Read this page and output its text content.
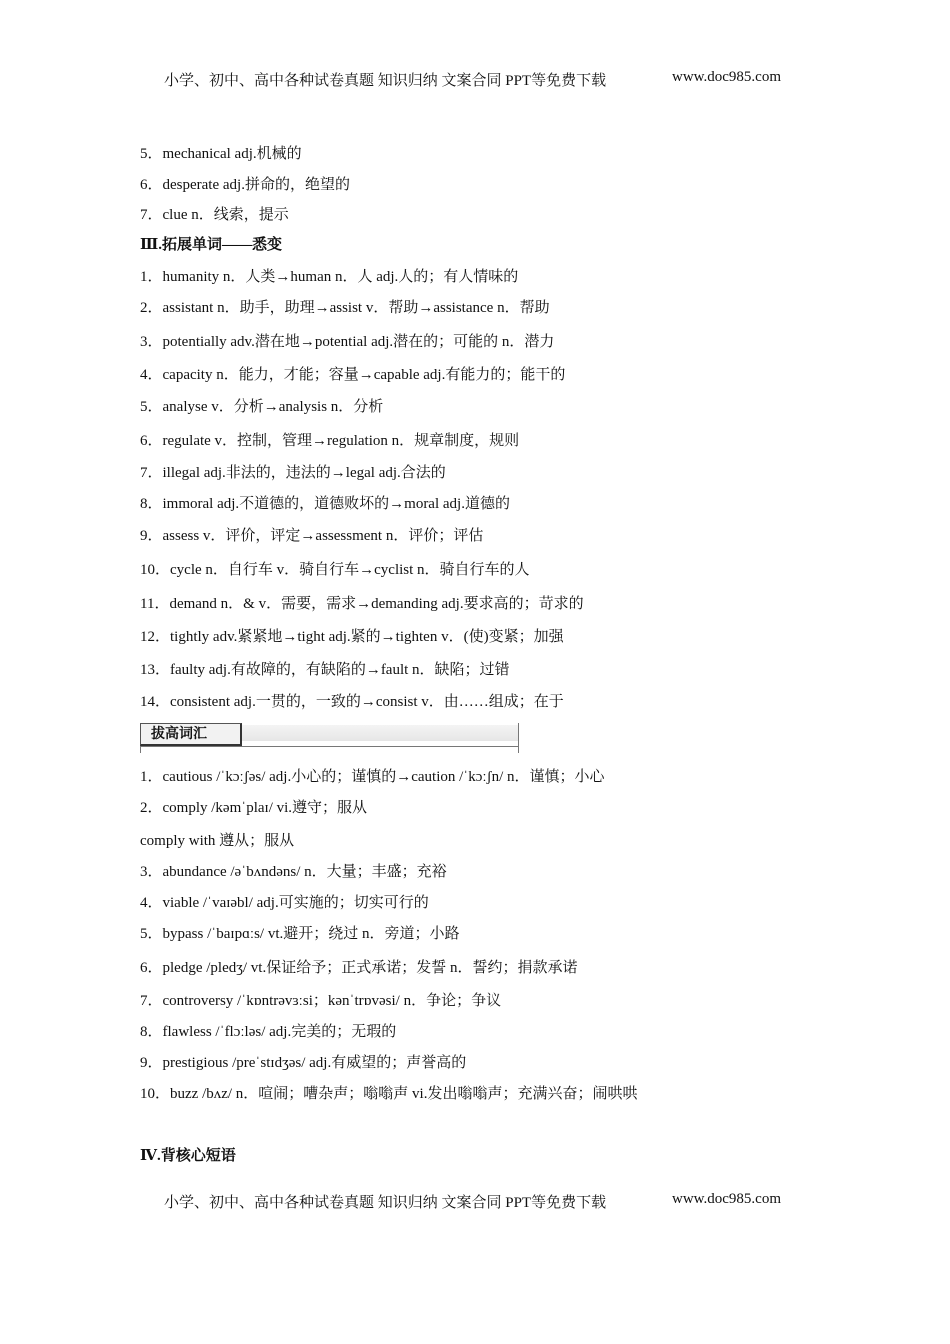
小学、初中、高中各种试卷真题 知识归纳 文案合同 PPT等免费下载	www.doc985.com
5．mechanical adj.机械的
6．desperate adj.拼命的，绝望的
7．clue n．线索，提示
Ⅲ.拓展单词——悉变
1．humanity n．人类→human n．人 adj.人的；有人情味的
2．assistant n．助手，助理→assist v．帮助→assistance n．帮助
3．potentially adv.潜在地→potential adj.潜在的；可能的 n．潜力
4．capacity n．能力，才能；容量→capable adj.有能力的；能干的
5．analyse v．分析→analysis n．分析
6．regulate v．控制，管理→regulation n．规章制度，规则
7．illegal adj.非法的，违法的→legal adj.合法的
8．immoral adj.不道德的，道德败坏的→moral adj.道德的
9．assess v．评价，评定→assessment n．评价；评估
10．cycle n．自行车 v．骑自行车→cyclist n．骑自行车的人
11．demand n．& v．需要，需求→demanding adj.要求高的；苛求的
12．tightly adv.紧紧地→tight adj.紧的→tighten v．(使)变紧；加强
13．faulty adj.有故障的，有缺陷的→fault n．缺陷；过错
14．consistent adj.一贯的，一致的→consist v．由……组成；在于
拔高词汇
1．cautious /ˈkɔːʃəs/ adj.小心的；谨慎的→caution /ˈkɔːʃn/ n．谨慎；小心
2．comply /kəmˈplaɪ/ vi.遵守；服从
comply with 遵从；服从
3．abundance /əˈbʌndəns/ n．大量；丰盛；充裕
4．viable /ˈvaɪəbl/ adj.可实施的；切实可行的
5．bypass /ˈbaɪpɑːs/ vt.避开；绕过 n．旁道；小路
6．pledge /pledʒ/ vt.保证给予；正式承诺；发誓 n．誓约；捐款承诺
7．controversy /ˈkɒntrəvɜːsi；kənˈtrɒvəsi/ n．争论；争议
8．flawless /ˈflɔːləs/ adj.完美的；无瑕的
9．prestigious /preˈstɪdʒəs/ adj.有威望的；声誉高的
10．buzz /bʌz/ n．喧闹；嘈杂声；嗡嗡声 vi.发出嗡嗡声；充满兴奋；闹哄哄
Ⅳ.背核心短语
小学、初中、高中各种试卷真题 知识归纳 文案合同 PPT等免费下载	www.doc985.com
